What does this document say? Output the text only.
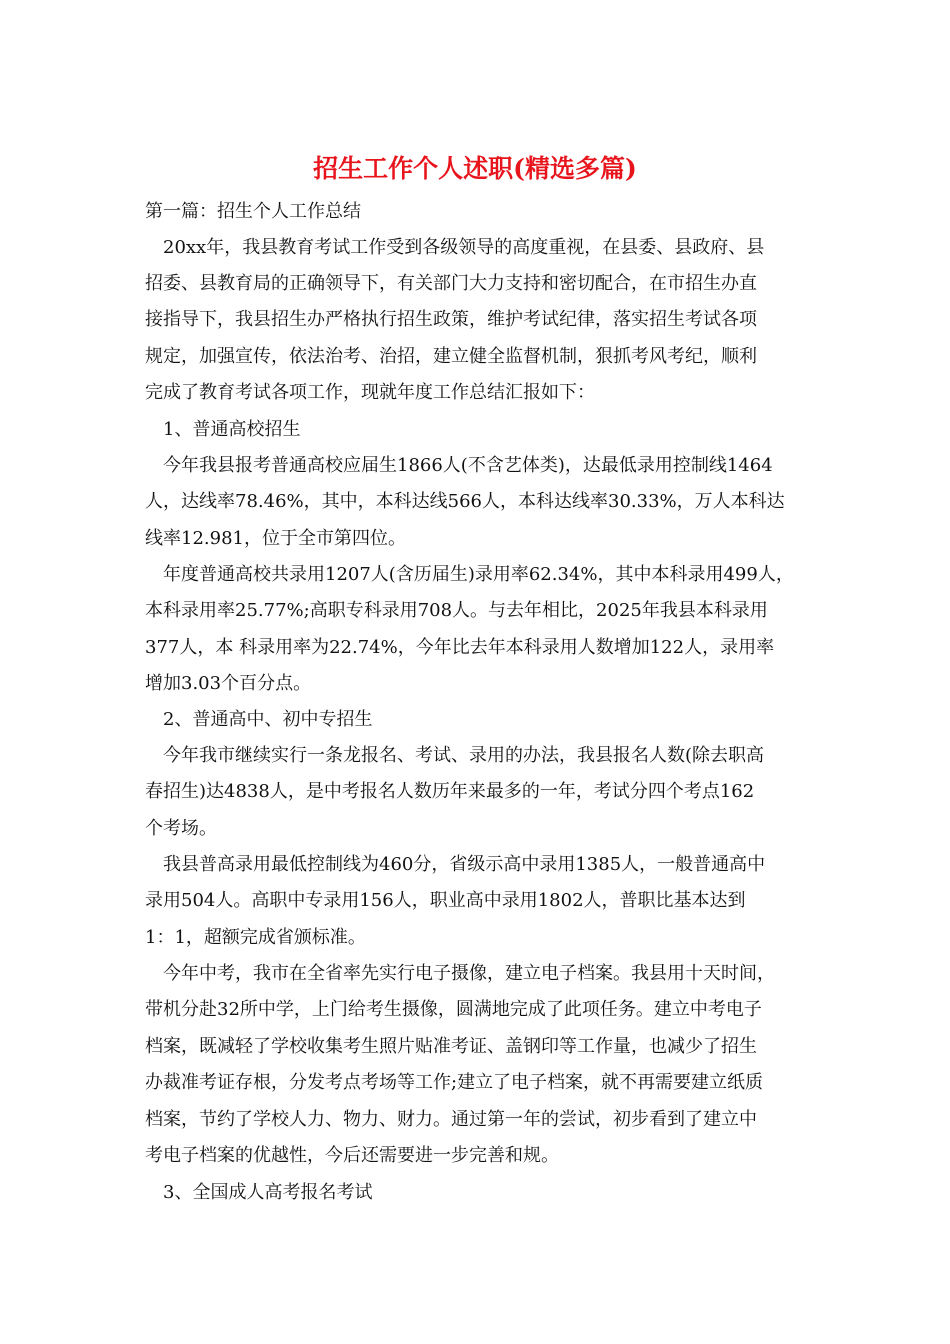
招生工作个人述职(精选多篇)

第一篇：招生个人工作总结

20xx年，我县教育考试工作受到各级领导的高度重视，在县委、县政府、县

招委、县教育局的正确领导下，有关部门大力支持和密切配合，在市招生办直

接指导下，我县招生办严格执行招生政策，维护考试纪律，落实招生考试各项

规定，加强宣传，依法治考、治招，建立健全监督机制，狠抓考风考纪，顺利

完成了教育考试各项工作，现就年度工作总结汇报如下：

1、普通高校招生

今年我县报考普通高校应届生1866人(不含艺体类)，达最低录用控制线1464

人，达线率78.46%，其中，本科达线566人，本科达线率30.33%，万人本科达

线率12.981，位于全市第四位。

年度普通高校共录用1207人(含历届生)录用率62.34%，其中本科录用499人，

本科录用率25.77%;高职专科录用708人。与去年相比，2025年我县本科录用

377人，本 科录用率为22.74%，今年比去年本科录用人数增加122人，录用率

增加3.03个百分点。

2、普通高中、初中专招生

今年我市继续实行一条龙报名、考试、录用的办法，我县报名人数(除去职高

春招生)达4838人，是中考报名人数历年来最多的一年，考试分四个考点162

个考场。

我县普高录用最低控制线为460分，省级示高中录用1385人，一般普通高中

录用504人。高职中专录用156人，职业高中录用1802人，普职比基本达到

1：1，超额完成省颁标准。

今年中考，我市在全省率先实行电子摄像，建立电子档案。我县用十天时间，

带机分赴32所中学，上门给考生摄像，圆满地完成了此项任务。建立中考电子

档案，既减轻了学校收集考生照片贴准考证、盖钢印等工作量，也减少了招生

办裁准考证存根，分发考点考场等工作;建立了电子档案，就不再需要建立纸质

档案，节约了学校人力、物力、财力。通过第一年的尝试，初步看到了建立中

考电子档案的优越性，今后还需要进一步完善和规。

3、全国成人高考报名考试
